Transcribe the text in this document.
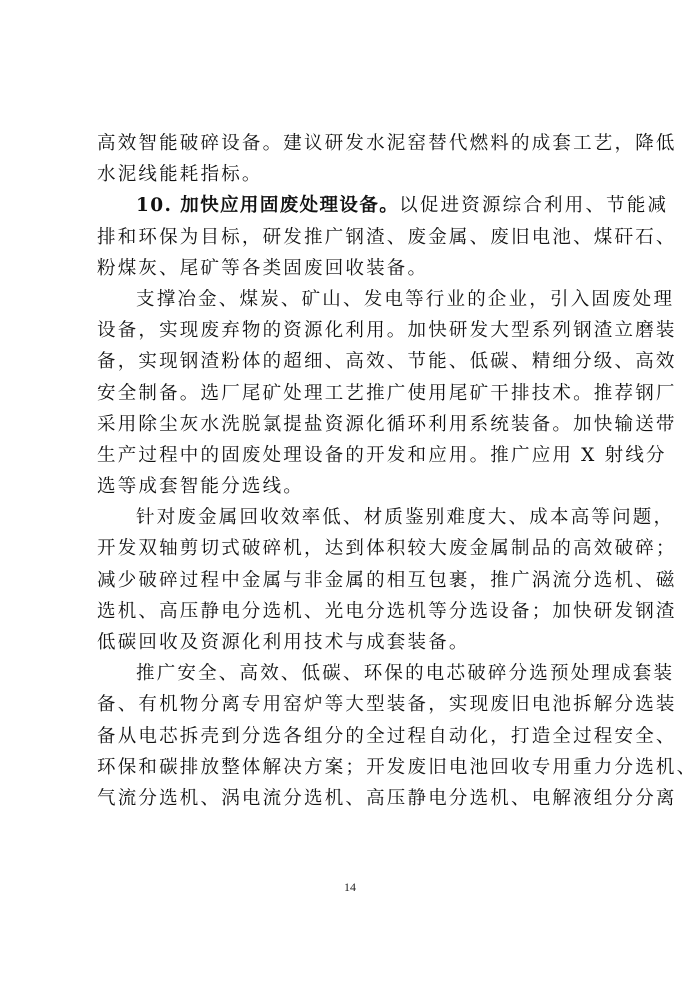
高效智能破碎设备。建议研发水泥窑替代燃料的成套工艺，降低
水泥线能耗指标。
10. 加快应用固废处理设备。以促进资源综合利用、节能减
排和环保为目标，研发推广钢渣、废金属、废旧电池、煤矸石、
粉煤灰、尾矿等各类固废回收装备。
支撑冶金、煤炭、矿山、发电等行业的企业，引入固废处理
设备，实现废弃物的资源化利用。加快研发大型系列钢渣立磨装
备，实现钢渣粉体的超细、高效、节能、低碳、精细分级、高效
安全制备。选厂尾矿处理工艺推广使用尾矿干排技术。推荐钢厂
采用除尘灰水洗脱氯提盐资源化循环利用系统装备。加快输送带
生产过程中的固废处理设备的开发和应用。推广应用 X 射线分
选等成套智能分选线。
针对废金属回收效率低、材质鉴别难度大、成本高等问题，
开发双轴剪切式破碎机，达到体积较大废金属制品的高效破碎；
减少破碎过程中金属与非金属的相互包裹，推广涡流分选机、磁
选机、高压静电分选机、光电分选机等分选设备；加快研发钢渣
低碳回收及资源化利用技术与成套装备。
推广安全、高效、低碳、环保的电芯破碎分选预处理成套装
备、有机物分离专用窑炉等大型装备，实现废旧电池拆解分选装
备从电芯拆壳到分选各组分的全过程自动化，打造全过程安全、
环保和碳排放整体解决方案；开发废旧电池回收专用重力分选机、
气流分选机、涡电流分选机、高压静电分选机、电解液组分分离
14
